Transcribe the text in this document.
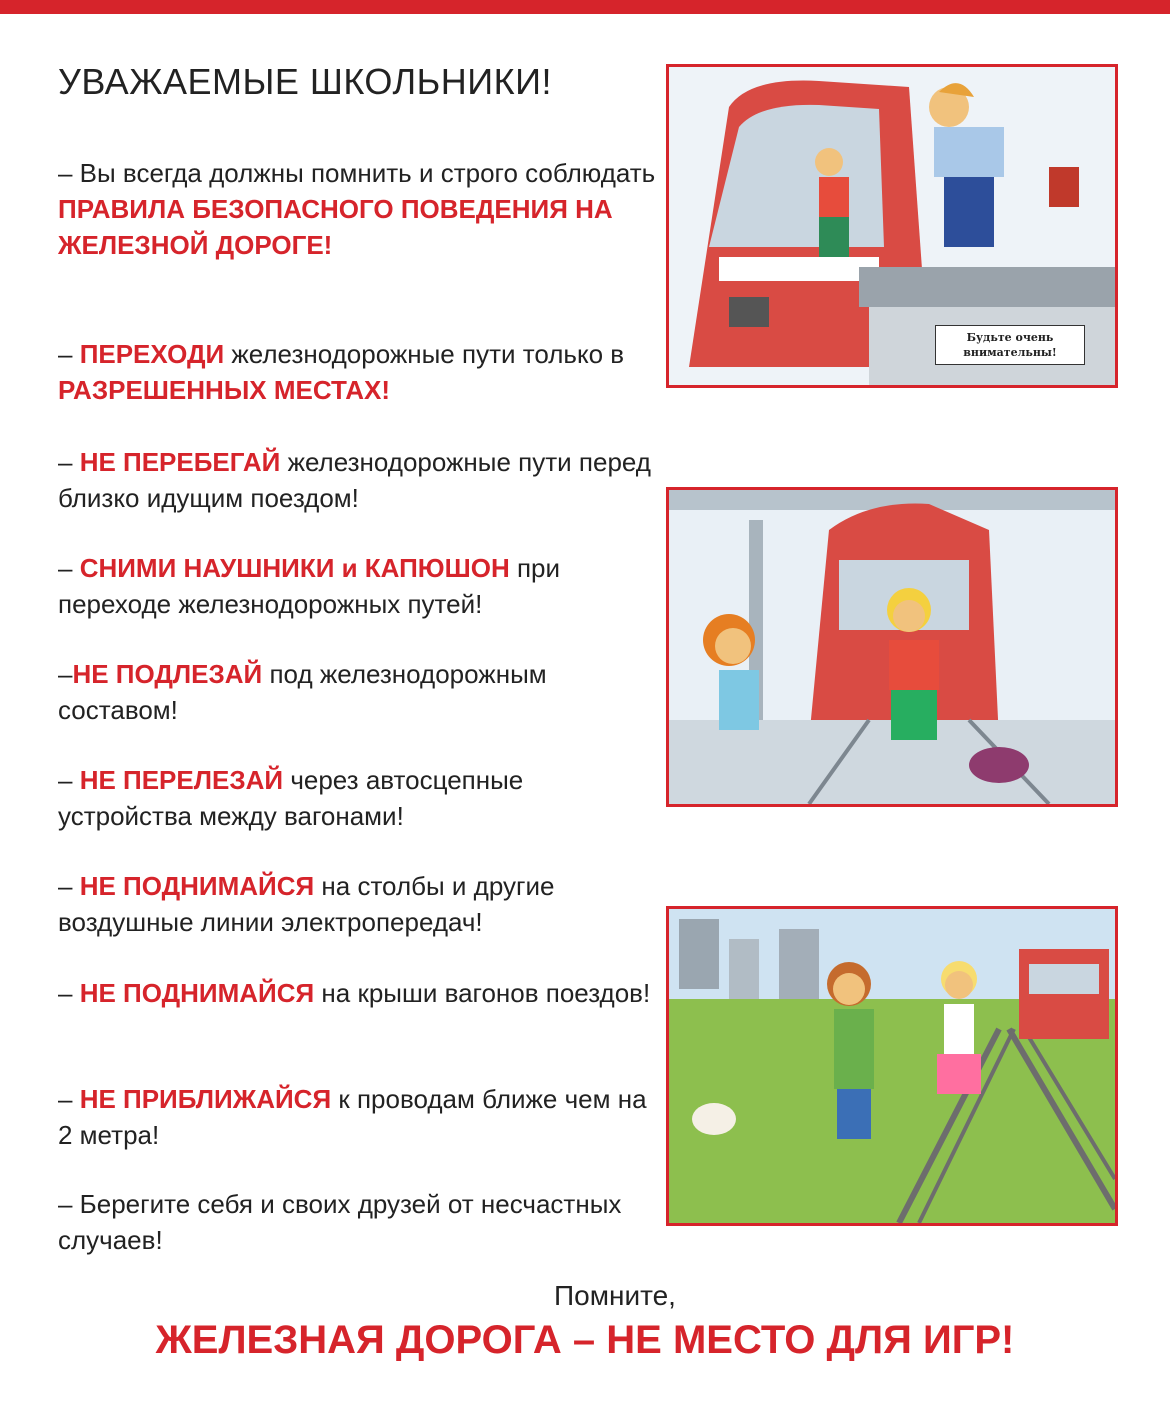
УВАЖАЕМЫЕ ШКОЛЬНИКИ!
– Вы всегда должны помнить и строго соблюдать ПРАВИЛА БЕЗОПАСНОГО ПОВЕДЕНИЯ НА ЖЕЛЕЗНОЙ ДОРОГЕ!
– ПЕРЕХОДИ железнодорожные пути только в РАЗРЕШЕННЫХ МЕСТАХ!
– НЕ ПЕРЕБЕГАЙ железнодорожные пути перед близко идущим поездом!
– СНИМИ НАУШНИКИ и КАПЮШОН при переходе железнодорожных путей!
–НЕ ПОДЛЕЗАЙ под железнодорожным составом!
– НЕ ПЕРЕЛЕЗАЙ через автосцепные устройства между вагонами!
– НЕ ПОДНИМАЙСЯ на столбы и другие воздушные линии электропередач!
– НЕ ПОДНИМАЙСЯ на крыши вагонов поездов!
– НЕ ПРИБЛИЖАЙСЯ к проводам ближе чем на 2 метра!
– Берегите себя и своих друзей от несчастных случаев!
Будьте очень внимательны!
Помните,
ЖЕЛЕЗНАЯ ДОРОГА – НЕ МЕСТО ДЛЯ ИГР!
